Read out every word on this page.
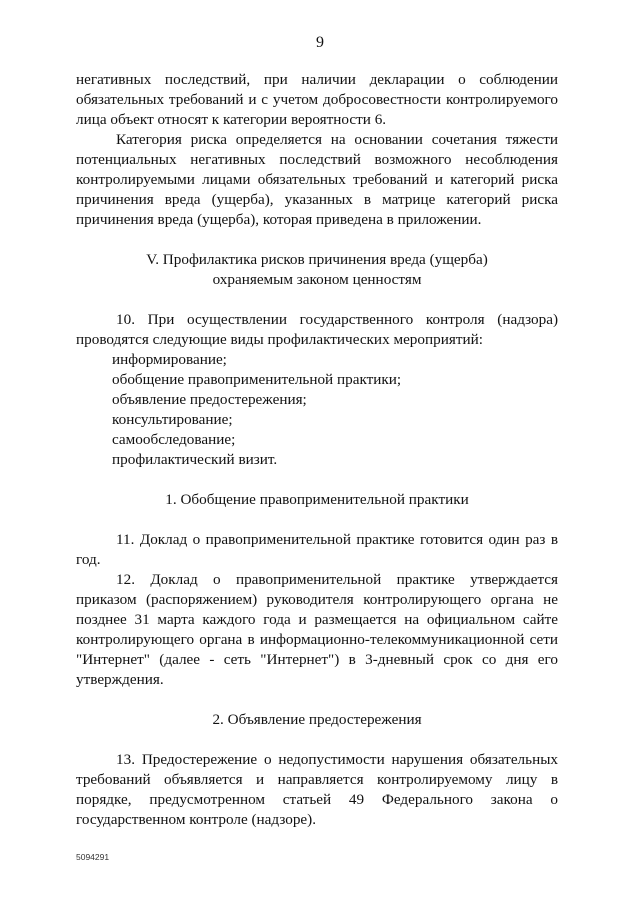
9

негативных последствий, при наличии декларации о соблюдении обязательных требований и с учетом добросовестности контролируемого лица объект относят к категории вероятности 6.

Категория риска определяется на основании сочетания тяжести потенциальных негативных последствий возможного несоблюдения контролируемыми лицами обязательных требований и категорий риска причинения вреда (ущерба), указанных в матрице категорий риска причинения вреда (ущерба), которая приведена в приложении.

V. Профилактика рисков причинения вреда (ущерба)

охраняемым законом ценностям

10. При осуществлении государственного контроля (надзора) проводятся следующие виды профилактических мероприятий:

информирование;
обобщение правоприменительной практики;
объявление предостережения;
консультирование;
самообследование;
профилактический визит.

1. Обобщение правоприменительной практики

11. Доклад о правоприменительной практике готовится один раз в год.

12. Доклад о правоприменительной практике утверждается приказом (распоряжением) руководителя контролирующего органа не позднее 31 марта каждого года и размещается на официальном сайте контролирующего органа в информационно-телекоммуникационной сети "Интернет" (далее - сеть "Интернет") в 3-дневный срок со дня его утверждения.

2. Объявление предостережения

13. Предостережение о недопустимости нарушения обязательных требований объявляется и направляется контролируемому лицу в порядке, предусмотренном статьей 49 Федерального закона о государственном контроле (надзоре).

5094291
